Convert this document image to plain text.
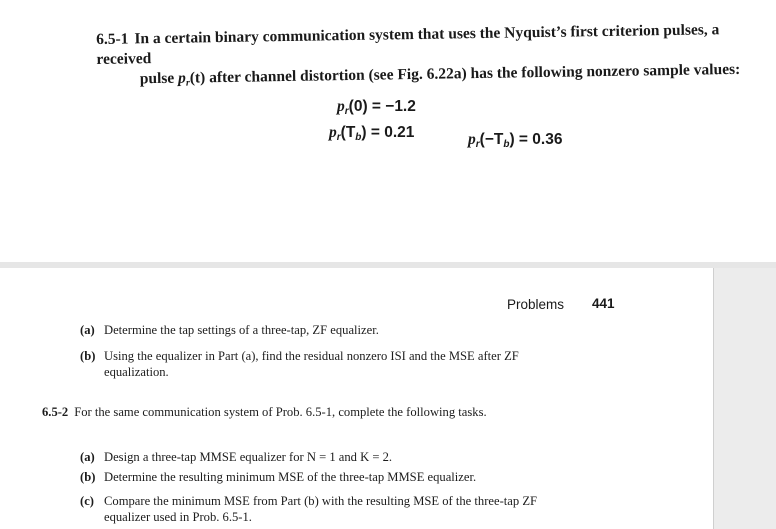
6.5-1 In a certain binary communication system that uses the Nyquist’s first criterion pulses, a received
pulse pr(t) after channel distortion (see Fig. 6.22a) has the following nonzero sample values:
pr(0) = −1.2
pr(Tb) = 0.21	pr(−Tb) = 0.36
Problems 441
(a) Determine the tap settings of a three-tap, ZF equalizer.
(b) Using the equalizer in Part (a), find the residual nonzero ISI and the MSE after ZF
equalization.
6.5-2 For the same communication system of Prob. 6.5-1, complete the following tasks.
(a) Design a three-tap MMSE equalizer for N = 1 and K = 2.
(b) Determine the resulting minimum MSE of the three-tap MMSE equalizer.
(c) Compare the minimum MSE from Part (b) with the resulting MSE of the three-tap ZF
equalizer used in Prob. 6.5-1.
